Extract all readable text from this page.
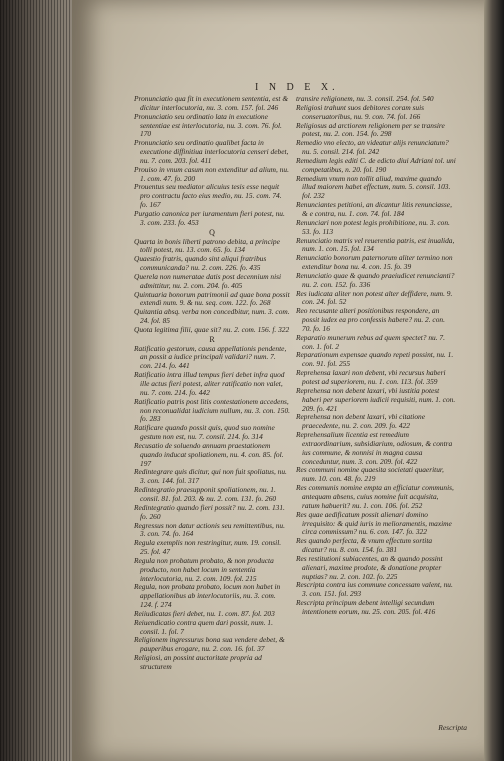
I N D E X.

Pronunciatio qua fit in executionem sententia, est & dicitur interlocutoria, nu. 3. com. 157. fol. 246

Pronunciatio seu ordinatio lata in executione sententiae est interlocutoria, nu. 3. com. 76. fol. 170

Pronunciatio seu ordinatio qualibet facta in executione diffinitiua interlocutoria censeri debet, nu. 7. com. 203. fol. 411

Prouiso in vnum casum non extenditur ad alium, nu. 1. com. 47. fo. 200

Prouentus seu mediator alicuius tesis esse nequit pro contractu facto eius medio, nu. 15. com. 74. fo. 167

Purgatio canonica per iuramentum fieri potest, nu. 3. com. 233. fo. 453

Q

Quarta in bonis liberti patrono debita, a principe tolli potest, nu. 13. com. 65. fo. 134

Quaestio fratris, quando sint aliqui fratribus communicanda? nu. 2. com. 226. fo. 435

Querela non numeratae datis post decennium nisi admittitur, nu. 2. com. 204. fo. 405

Quintuaria bonorum patrimonii ad quae bona possit extendi num. 9. & nu. seq. com. 122. fo. 268

Quitantia absq. verba non concedbitur, num. 3. com. 24. fol. 85

Quota legitima filii, quae sit? nu. 2. com. 156. f. 322

R

Ratificatio gestorum, causa appellationis pendente, an possit a iudice principali validari? num. 7. con. 214. fo. 441

Ratificatio intra illud tempus fieri debet infra quod ille actus fieri potest, aliter ratificatio non valet, nu. 7. com. 214. fo. 442

Ratificatio patris post litis contestationem accedens, non reconualidat iudicium nullum, nu. 3. con. 150. fo. 283

Ratificare quando possit quis, quod suo nomine gestum non est, nu. 7. consil. 214. fo. 314

Recusatio de soluendo annuam praestationem quando inducat spoliationem, nu. 4. con. 85. fol. 197

Redintegrare quis dicitur, qui non fuit spoliatus, nu. 3. con. 144. fol. 317

Redintegratio praesupponit spoliationem, nu. 1. consil. 81. fol. 203. & nu. 2. com. 131. fo. 260

Redintegratio quando fieri possit? nu. 2. com. 131. fo. 260

Regressus non datur actionis seu remittentibus, nu. 3. con. 74. fo. 164

Regula exemplis non restringitur, num. 19. consil. 25. fol. 47

Regula non probatum probato, & non producta producto, non habet locum in sententia interlocutoria, nu. 2. com. 109. fol. 215

Regula, non probata probato, locum non habet in appellationibus ab interlocutoriis, nu. 3. com. 124. f. 274

Reiiudicatas fieri debet, nu. 1. com. 87. fol. 203

Reiuendicatio contra quem dari possit, num. 1. consil. 1. fol. 7

Religionem ingressurus bona sua vendere debet, & pauperibus erogare, nu. 2. con. 16. fol. 37

Religiosi, an possint auctoritate propria ad structurem

transire religionem, nu. 3. consil. 254. fol. 540

Religiosi trahunt suos debitores coram suis conseruatoribus, nu. 9. con. 74. fol. 166

Religiosus ad arctiorem religionem per se transire potest, nu. 2. con. 154. fo. 298

Remedio vno electo, an videatur alijs renunciatum? nu. 5. consil. 214. fol. 242

Remedium legis editi C. de edicto diui Adriani tol. uni competatibus, n. 20. fol. 190

Remedium vnum non tollit aliud, maxime quando illud maiorem habet effectum, num. 5. consil. 103. fol. 232

Renunciantes petitioni, an dicantur litis renunciasse, & e contra, nu. 1. con. 74. fol. 184

Renunciari non potest legis prohibitione, nu. 3. con. 53. fo. 113

Renunciatio matris vel reuerentia patris, est inualida, num. 1. con. 15. fol. 134

Renunciatio bonorum paternorum aliter termino non extenditur bona nu. 4. con. 15. fo. 39

Renunciatio quae & quando praeiudicet renuncianti? nu. 2. con. 152. fo. 336

Res iudicata aliter non potest alter deffidere, num. 9. con. 24. fol. 52

Reo recusante alteri positionibus respondere, an possit iudex ea pro confessis habere? nu. 2. con. 70. fo. 16

Reparatio munerum rebus ad quem spectet? nu. 7. con. 1. fol. 2

Reparationum expensae quando repeti possint, nu. 1. con. 91. fol. 255

Reprehensa laxari non debent, vbi recursus haberi potest ad superiorem, nu. 1. con. 113. fol. 359

Reprehensa non debent laxari, vbi iustitia potest haberi per superiorem iudicii requisiti, num. 1. con. 209. fo. 421

Reprehensa non debent laxari, vbi citatione praecedente, nu. 2. con. 209. fo. 422

Reprehensalium licentia est remedium extraordinarium, subsidiarium, odiosum, & contra ius commune, & nonnisi in magna causa conceduntur, num. 3. con. 209. fol. 422

Res communi nomine quaesita societati quaeritur, num. 10. con. 48. fo. 219

Res communis nomine empta an efficiatur communis, antequam absens, cuius nomine fuit acquisita, ratum habuerit? nu. 1. con. 106. fol. 252

Res quae aedificatum possit alienari domino irrequisito: & quid iuris in melioramentis, maxime circa commissum? nu. 6. con. 147. fo. 322

Res quando perfecta, & vnum effectum sortita dicatur? nu. 8. con. 154. fo. 381

Res restitutioni subiacentes, an & quando possint alienari, maxime prodote, & donatione propter nuptias? nu. 2. con. 102. fo. 225

Rescripta contra ius commune concessam valent, nu. 3. con. 151. fol. 293

Rescripta principum debent intelligi secundum intentionem eorum, nu. 25. con. 205. fol. 416

Rescripta
